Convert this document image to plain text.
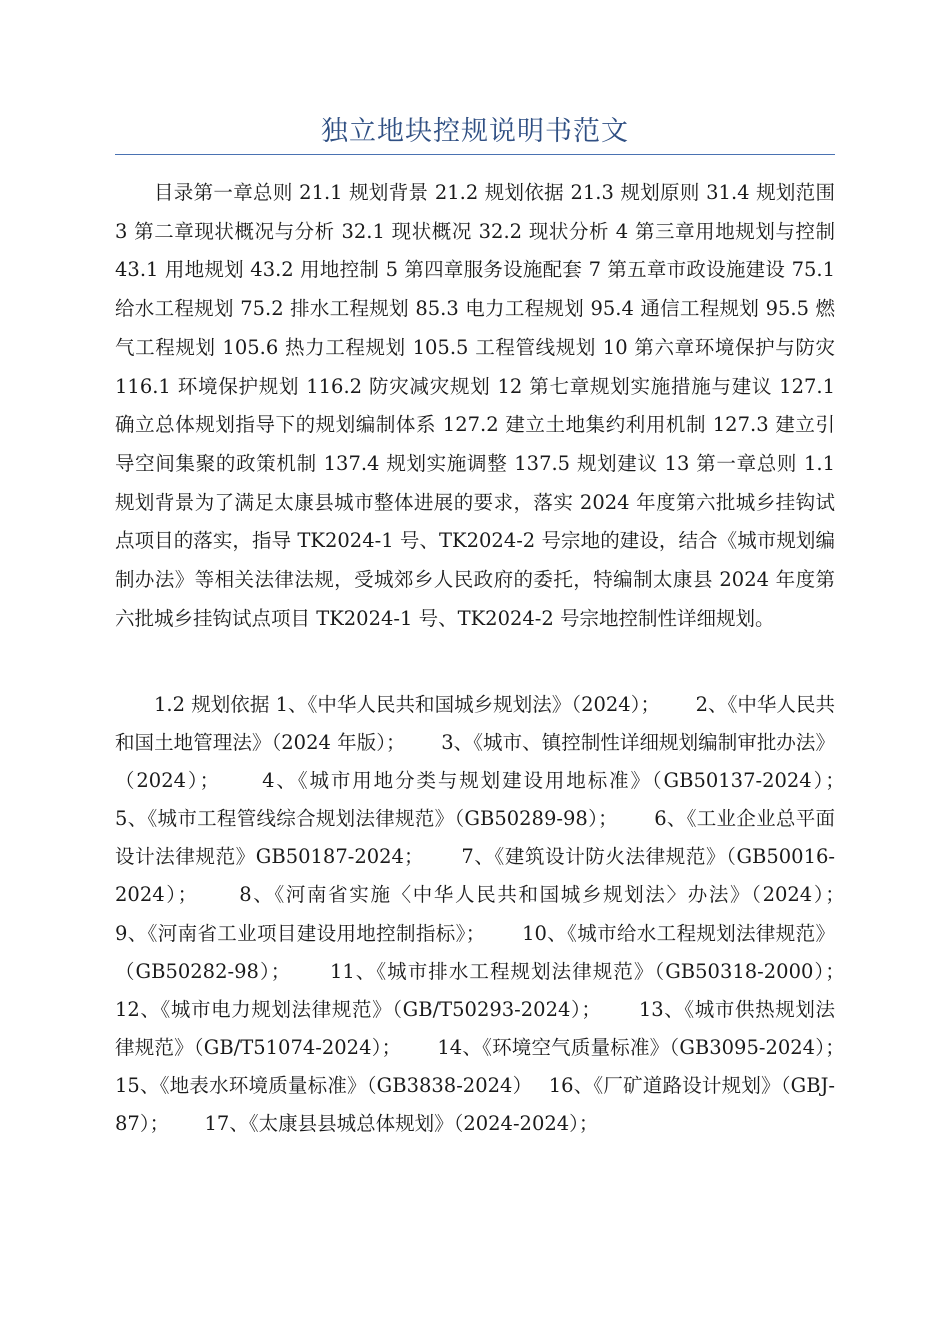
独立地块控规说明书范文

目录第一章总则 21.1 规划背景 21.2 规划依据 21.3 规划原则 31.4 规划范围 3 第二章现状概况与分析 32.1 现状概况 32.2 现状分析 4 第三章用地规划与控制 43.1 用地规划 43.2 用地控制 5 第四章服务设施配套 7 第五章市政设施建设 75.1 给水工程规划 75.2 排水工程规划 85.3 电力工程规划 95.4 通信工程规划 95.5 燃气工程规划 105.6 热力工程规划 105.5 工程管线规划 10 第六章环境保护与防灾 116.1 环境保护规划 116.2 防灾减灾规划 12 第七章规划实施措施与建议 127.1 确立总体规划指导下的规划编制体系 127.2 建立土地集约利用机制 127.3 建立引导空间集聚的政策机制 137.4 规划实施调整 137.5 规划建议 13 第一章总则 1.1 规划背景为了满足太康县城市整体进展的要求，落实 2024 年度第六批城乡挂钩试点项目的落实，指导 TK2024-1 号、TK2024-2 号宗地的建设，结合《城市规划编制办法》等相关法律法规，受城郊乡人民政府的委托，特编制太康县 2024 年度第六批城乡挂钩试点项目 TK2024-1 号、TK2024-2 号宗地控制性详细规划。

1.2 规划依据 1、《中华人民共和国城乡规划法》（2024）；　　 2、《中华人民共和国土地管理法》（2024 年版）；　　 3、《城市、镇控制性详细规划编制审批办法》（2024）；　　 4、《城市用地分类与规划建设用地标准》（GB50137-2024）；　　 5、《城市工程管线综合规划法律规范》（GB50289-98）；　　 6、《工业企业总平面设计法律规范》GB50187-2024；　　 7、《建筑设计防火法律规范》（GB50016-2024）；　　 8、《河南省实施〈中华人民共和国城乡规划法〉办法》（2024）；　　 9、《河南省工业项目建设用地控制指标》；　　 10、《城市给水工程规划法律规范》（GB50282-98）；　　 11、《城市排水工程规划法律规范》（GB50318-2000）；　　 12、《城市电力规划法律规范》（GB/T50293-2024）；　　 13、《城市供热规划法律规范》（GB/T51074-2024）；　　 14、《环境空气质量标准》（GB3095-2024）；　　 15、《地表水环境质量标准》（GB3838-2024）　 16、《厂矿道路设计规划》（GBJ-87）；　　 17、《太康县县城总体规划》（2024-2024）；
